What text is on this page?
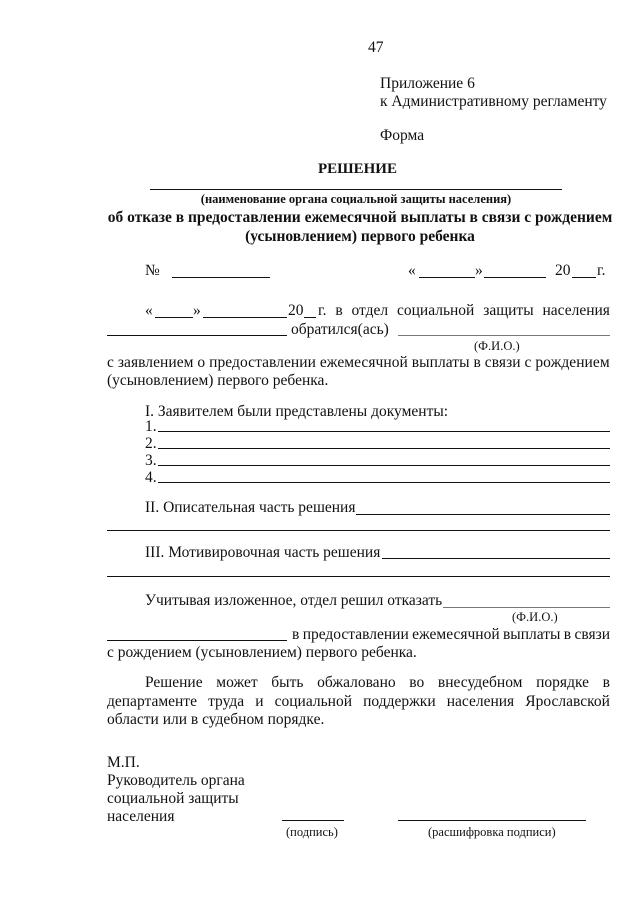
47
Приложение 6
к Административному регламенту
Форма
РЕШЕНИЕ
(наименование органа социальной защиты населения)
об отказе в предоставлении ежемесячной выплаты в связи с рождением
(усыновлением) первого ребенка
№	«	»	20 г.
«	»	20 г. в отдел социальной защиты населения
обратился(ась)
(Ф.И.О.)
с заявлением о предоставлении ежемесячной выплаты в связи с рождением
(усыновлением) первого ребенка.
I. Заявителем были представлены документы:
1.
2.
3.
4.
II. Описательная часть решения
III. Мотивировочная часть решения
Учитывая изложенное, отдел решил отказать
(Ф.И.О.)
в предоставлении ежемесячной выплаты в связи
с рождением (усыновлением) первого ребенка.
Решение может быть обжаловано во внесудебном порядке в
департаменте труда и социальной поддержки населения Ярославской
области или в судебном порядке.
М.П.
Руководитель органа
социальной защиты
населения
(подпись)	(расшифровка подписи)
